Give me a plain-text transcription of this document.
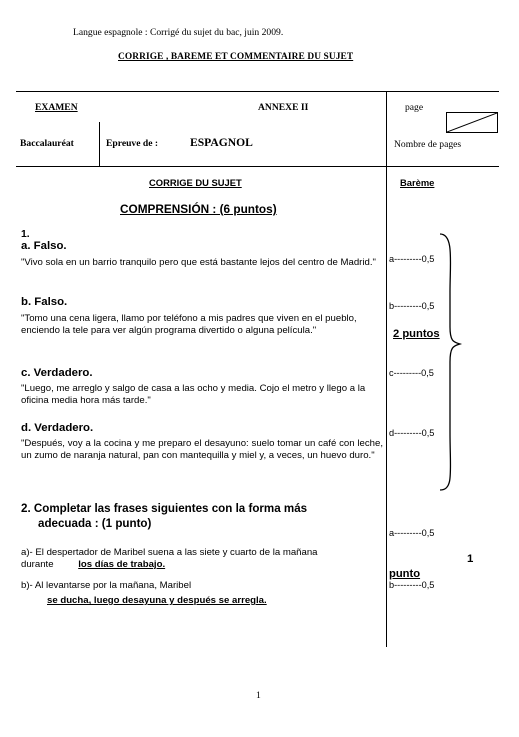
Langue espagnole : Corrigé du sujet du bac, juin 2009.
CORRIGE , BAREME ET COMMENTAIRE DU SUJET
EXAMEN	ANNEXE II	page
Baccalauréat	Epreuve de :	ESPAGNOL	Nombre de pages
CORRIGE DU SUJET	Barème
COMPRENSIÓN : (6 puntos)
1.
a. Falso.
"Vivo sola en un barrio tranquilo pero que está bastante lejos del centro de Madrid."
b. Falso.
"Tomo una cena ligera, llamo por teléfono a mis padres que viven en el pueblo, enciendo la tele para ver algún programa divertido o alguna película."
c. Verdadero.
"Luego, me arreglo y salgo de casa a las ocho y media. Cojo el metro y llego a la oficina media hora más tarde."
d. Verdadero.
"Después, voy a la cocina y me preparo el desayuno: suelo tomar un café con leche, un zumo de naranja natural, pan con mantequilla y miel y, a veces, un huevo duro."
a---------0,5
b---------0,5
c---------0,5
d---------0,5
2 puntos
2. Completar las frases siguientes con la forma más
adecuada : (1 punto)
a)- El despertador de Maribel suena a las siete y cuarto de la mañana
durante	los días de trabajo.
b)- Al levantarse por la mañana, Maribel
se ducha, luego desayuna y después se arregla.
a---------0,5
1
punto
b---------0,5
1
